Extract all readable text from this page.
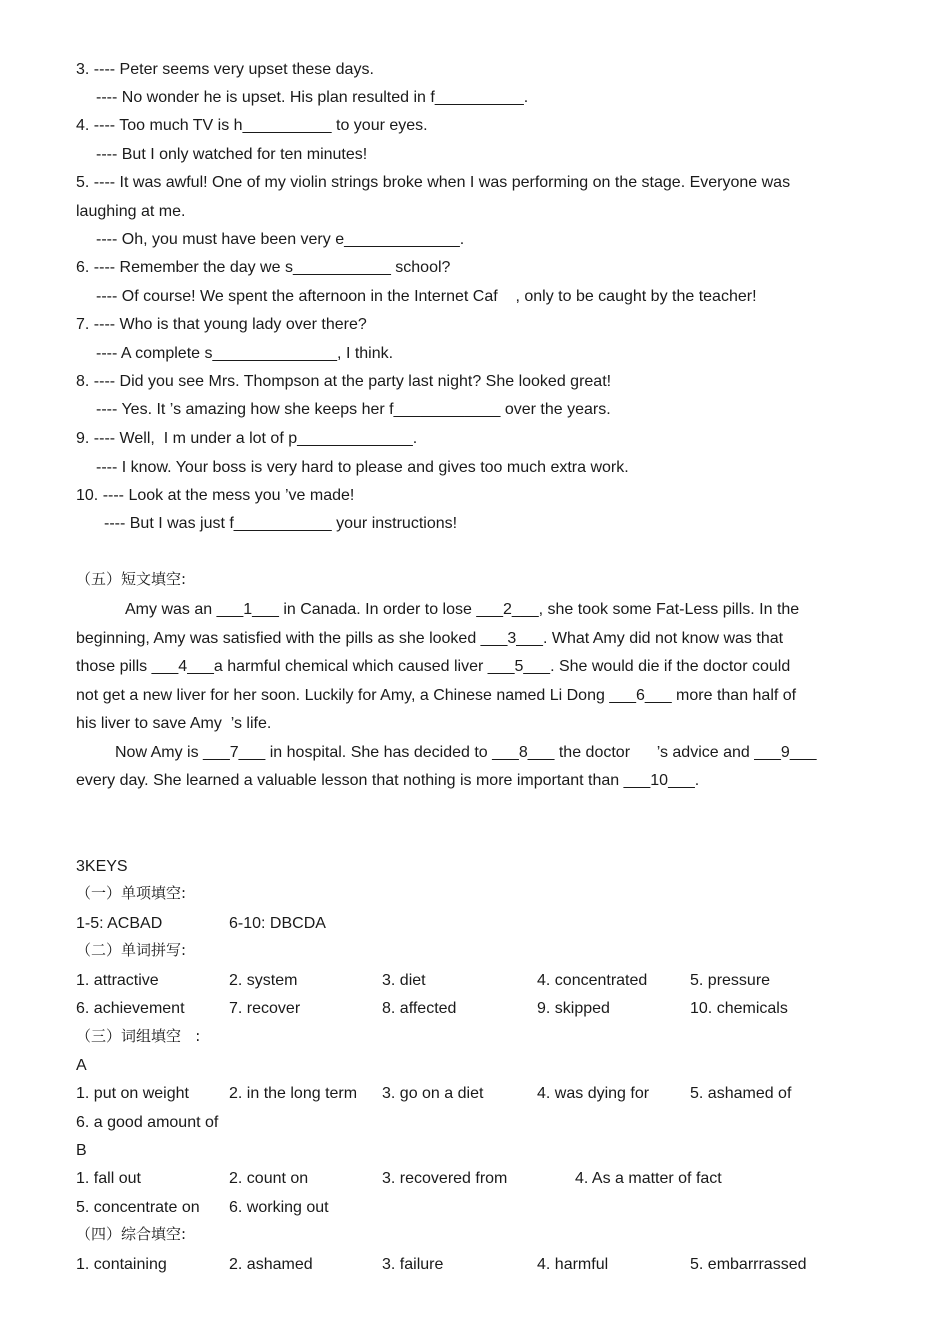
3. ---- Peter seems very upset these days.
---- No wonder he is upset. His plan resulted in f__________.
4. ---- Too much TV is h__________ to your eyes.
---- But I only watched for ten minutes!
5. ---- It was awful! One of my violin strings broke when I was performing on the stage. Everyone was
laughing at me.
---- Oh, you must have been very e_____________.
6. ---- Remember the day we s___________ school?
---- Of course! We spent the afternoon in the Internet Caf    , only to be caught by the teacher!
7. ---- Who is that young lady over there?
---- A complete s______________, I think.
8. ---- Did you see Mrs. Thompson at the party last night? She looked great!
---- Yes. It ’s amazing how she keeps her f____________ over the years.
9. ---- Well,  I m under a lot of p_____________.
---- I know. Your boss is very hard to please and gives too much extra work.
10. ---- Look at the mess you ’ve made!
---- But I was just f___________ your instructions!
（五）短文填空:
Amy was an ___1___ in Canada. In order to lose ___2___, she took some Fat-Less pills. In the
beginning, Amy was satisfied with the pills as she looked ___3___. What Amy did not know was that
those pills ___4___a harmful chemical which caused liver ___5___. She would die if the doctor could
not get a new liver for her soon. Luckily for Amy, a Chinese named Li Dong ___6___ more than half of
his liver to save Amy  ’s life.
Now Amy is ___7___ in hospital. She has decided to ___8___ the doctor      ’s advice and ___9___
every day. She learned a valuable lesson that nothing is more important than ___10___.
3KEYS
（一）单项填空:
1-5: ACBAD	6-10: DBCDA
（二）单词拼写:
1. attractive	2. system	3. diet	4. concentrated	5. pressure
6. achievement	7. recover	8. affected	9. skipped	10. chemicals
（三）词组填空   :
A
1. put on weight	2. in the long term 3. go on a diet	4. was dying for	5. ashamed of
6. a good amount of
B
1. fall out	2. count on	3. recovered from	4. As a matter of fact
5. concentrate on 6. working out
（四）综合填空:
1. containing	2. ashamed	3. failure	4. harmful	5. embarrrassed
